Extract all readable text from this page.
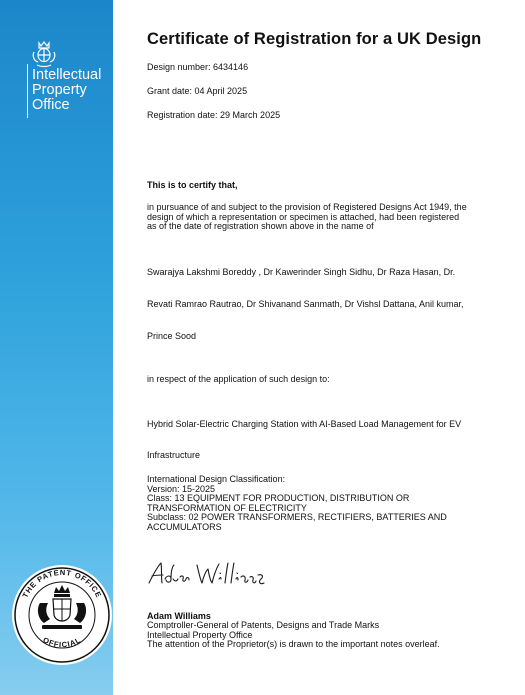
Intellectual
Property
Office
THE PATENT OFFICE
OFFICIAL
Certificate of Registration for a UK Design
Design number: 6434146
Grant date: 04 April 2025
Registration date: 29 March 2025
This is to certify that,
in pursuance of and subject to the provision of Registered Designs Act 1949, the
design of which a representation or specimen is attached, had been registered
as of the date of registration shown above in the name of
Swarajya Lakshmi Boreddy , Dr Kawerinder Singh Sidhu, Dr Raza Hasan, Dr.
Revati Ramrao Rautrao, Dr Shivanand Sanmath, Dr Vishsl Dattana, Anil kumar,
Prince Sood
in respect of the application of such design to:
Hybrid Solar-Electric Charging Station with AI-Based Load Management for EV
Infrastructure
International Design Classification:
Version: 15-2025
Class: 13 EQUIPMENT FOR PRODUCTION, DISTRIBUTION OR
TRANSFORMATION OF ELECTRICITY
Subclass: 02 POWER TRANSFORMERS, RECTIFIERS, BATTERIES AND
ACCUMULATORS
Adam Williams
Comptroller-General of Patents, Designs and Trade Marks
Intellectual Property Office
The attention of the Proprietor(s) is drawn to the important notes overleaf.
